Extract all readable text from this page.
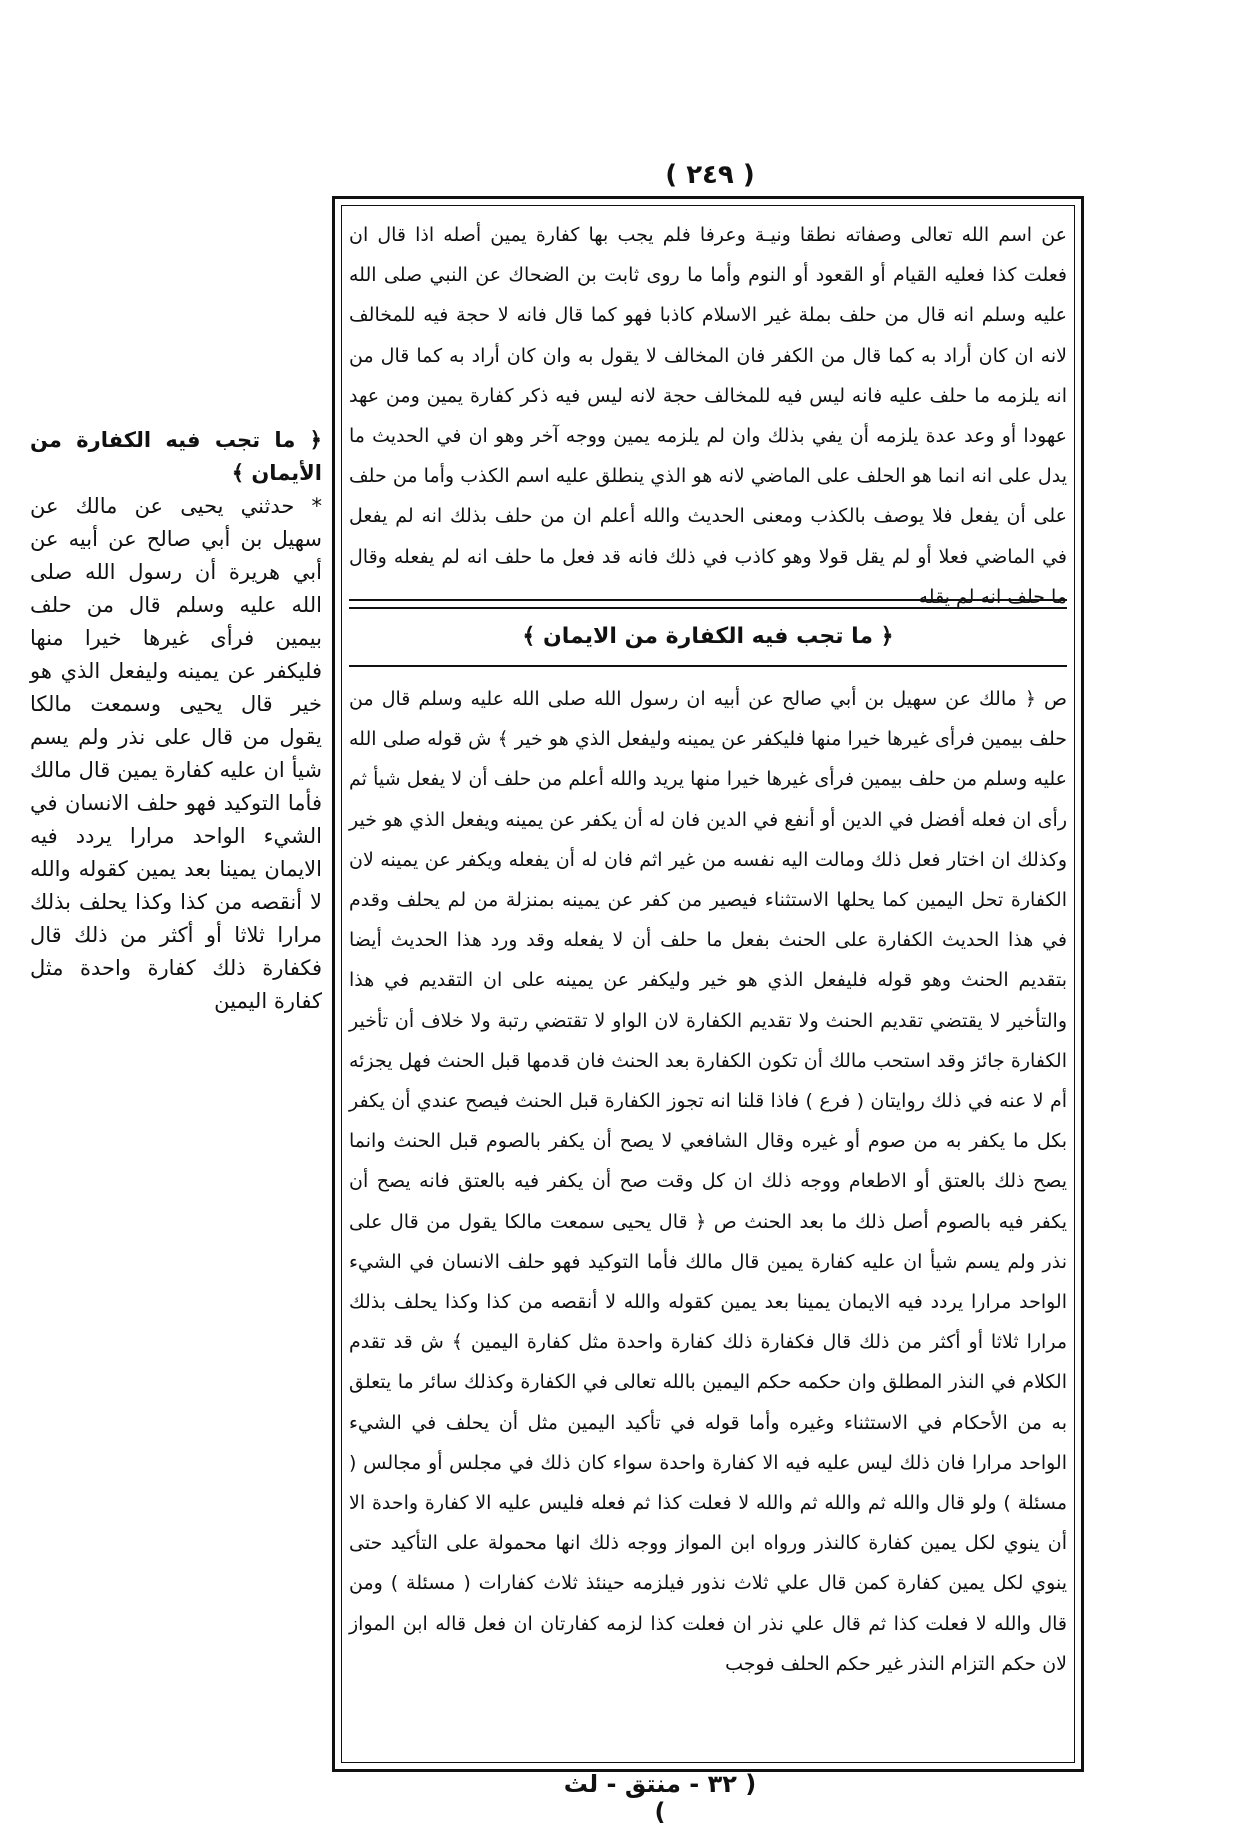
( ٢٤٩ )

﴿ ما تجب فيه الكفارة من الأيمان ﴾

* حدثني يحيى عن مالك عن سهيل بن أبي صالح عن أبيه عن أبي هريرة أن رسول الله صلى الله عليه وسلم قال من حلف بيمين فرأى غيرها خيرا منها فليكفر عن يمينه وليفعل الذي هو خير قال يحيى وسمعت مالكا يقول من قال على نذر ولم يسم شيأ ان عليه كفارة يمين قال مالك فأما التوكيد فهو حلف الانسان في الشيء الواحد مرارا يردد فيه الايمان يمينا بعد يمين كقوله والله لا أنقصه من كذا وكذا يحلف بذلك مرارا ثلاثا أو أكثر من ذلك قال فكفارة ذلك كفارة واحدة مثل كفارة اليمين

عن اسم الله تعالى وصفاته نطقا ونيـة وعرفا فلم يجب بها كفارة يمين أصله اذا قال ان فعلت كذا فعليه القيام أو القعود أو النوم وأما ما روى ثابت بن الضحاك عن النبي صلى الله عليه وسلم انه قال من حلف بملة غير الاسلام كاذبا فهو كما قال فانه لا حجة فيه للمخالف لانه ان كان أراد به كما قال من الكفر فان المخالف لا يقول به وان كان أراد به كما قال من انه يلزمه ما حلف عليه فانه ليس فيه للمخالف حجة لانه ليس فيه ذكر كفارة يمين ومن عهد عهودا أو وعد عدة يلزمه أن يفي بذلك وان لم يلزمه يمين ووجه آخر وهو ان في الحديث ما يدل على انه انما هو الحلف على الماضي لانه هو الذي ينطلق عليه اسم الكذب وأما من حلف على أن يفعل فلا يوصف بالكذب ومعنى الحديث والله أعلم ان من حلف بذلك انه لم يفعل في الماضي فعلا أو لم يقل قولا وهو كاذب في ذلك فانه قد فعل ما حلف انه لم يفعله وقال ما حلف انه لم يقله

﴿ ما تجب فيه الكفارة من الايمان ﴾

ص ﴿ مالك عن سهيل بن أبي صالح عن أبيه ان رسول الله صلى الله عليه وسلم قال من حلف بيمين فرأى غيرها خيرا منها فليكفر عن يمينه وليفعل الذي هو خير ﴾ ش قوله صلى الله عليه وسلم من حلف بيمين فرأى غيرها خيرا منها يريد والله أعلم من حلف أن لا يفعل شيأ ثم رأى ان فعله أفضل في الدين أو أنفع في الدين فان له أن يكفر عن يمينه ويفعل الذي هو خير وكذلك ان اختار فعل ذلك ومالت اليه نفسه من غير اثم فان له أن يفعله ويكفر عن يمينه لان الكفارة تحل اليمين كما يحلها الاستثناء فيصير من كفر عن يمينه بمنزلة من لم يحلف وقدم في هذا الحديث الكفارة على الحنث بفعل ما حلف أن لا يفعله وقد ورد هذا الحديث أيضا بتقديم الحنث وهو قوله فليفعل الذي هو خير وليكفر عن يمينه على ان التقديم في هذا والتأخير لا يقتضي تقديم الحنث ولا تقديم الكفارة لان الواو لا تقتضي رتبة ولا خلاف أن تأخير الكفارة جائز وقد استحب مالك أن تكون الكفارة بعد الحنث فان قدمها قبل الحنث فهل يجزئه أم لا عنه في ذلك روايتان ( فرع ) فاذا قلنا انه تجوز الكفارة قبل الحنث فيصح عندي أن يكفر بكل ما يكفر به من صوم أو غيره وقال الشافعي لا يصح أن يكفر بالصوم قبل الحنث وانما يصح ذلك بالعتق أو الاطعام ووجه ذلك ان كل وقت صح أن يكفر فيه بالعتق فانه يصح أن يكفر فيه بالصوم أصل ذلك ما بعد الحنث ص ﴿ قال يحيى سمعت مالكا يقول من قال على نذر ولم يسم شيأ ان عليه كفارة يمين قال مالك فأما التوكيد فهو حلف الانسان في الشيء الواحد مرارا يردد فيه الايمان يمينا بعد يمين كقوله والله لا أنقصه من كذا وكذا يحلف بذلك مرارا ثلاثا أو أكثر من ذلك قال فكفارة ذلك كفارة واحدة مثل كفارة اليمين ﴾ ش قد تقدم الكلام في النذر المطلق وان حكمه حكم اليمين بالله تعالى في الكفارة وكذلك سائر ما يتعلق به من الأحكام في الاستثناء وغيره وأما قوله في تأكيد اليمين مثل أن يحلف في الشيء الواحد مرارا فان ذلك ليس عليه فيه الا كفارة واحدة سواء كان ذلك في مجلس أو مجالس ( مسئلة ) ولو قال والله ثم والله ثم والله لا فعلت كذا ثم فعله فليس عليه الا كفارة واحدة الا أن ينوي لكل يمين كفارة كالنذر ورواه ابن المواز ووجه ذلك انها محمولة على التأكيد حتى ينوي لكل يمين كفارة كمن قال علي ثلاث نذور فيلزمه حينئذ ثلاث كفارات ( مسئلة ) ومن قال والله لا فعلت كذا ثم قال علي نذر ان فعلت كذا لزمه كفارتان ان فعل قاله ابن المواز لان حكم التزام النذر غير حكم الحلف فوجب

( ٣٢ - منتق - لث )
